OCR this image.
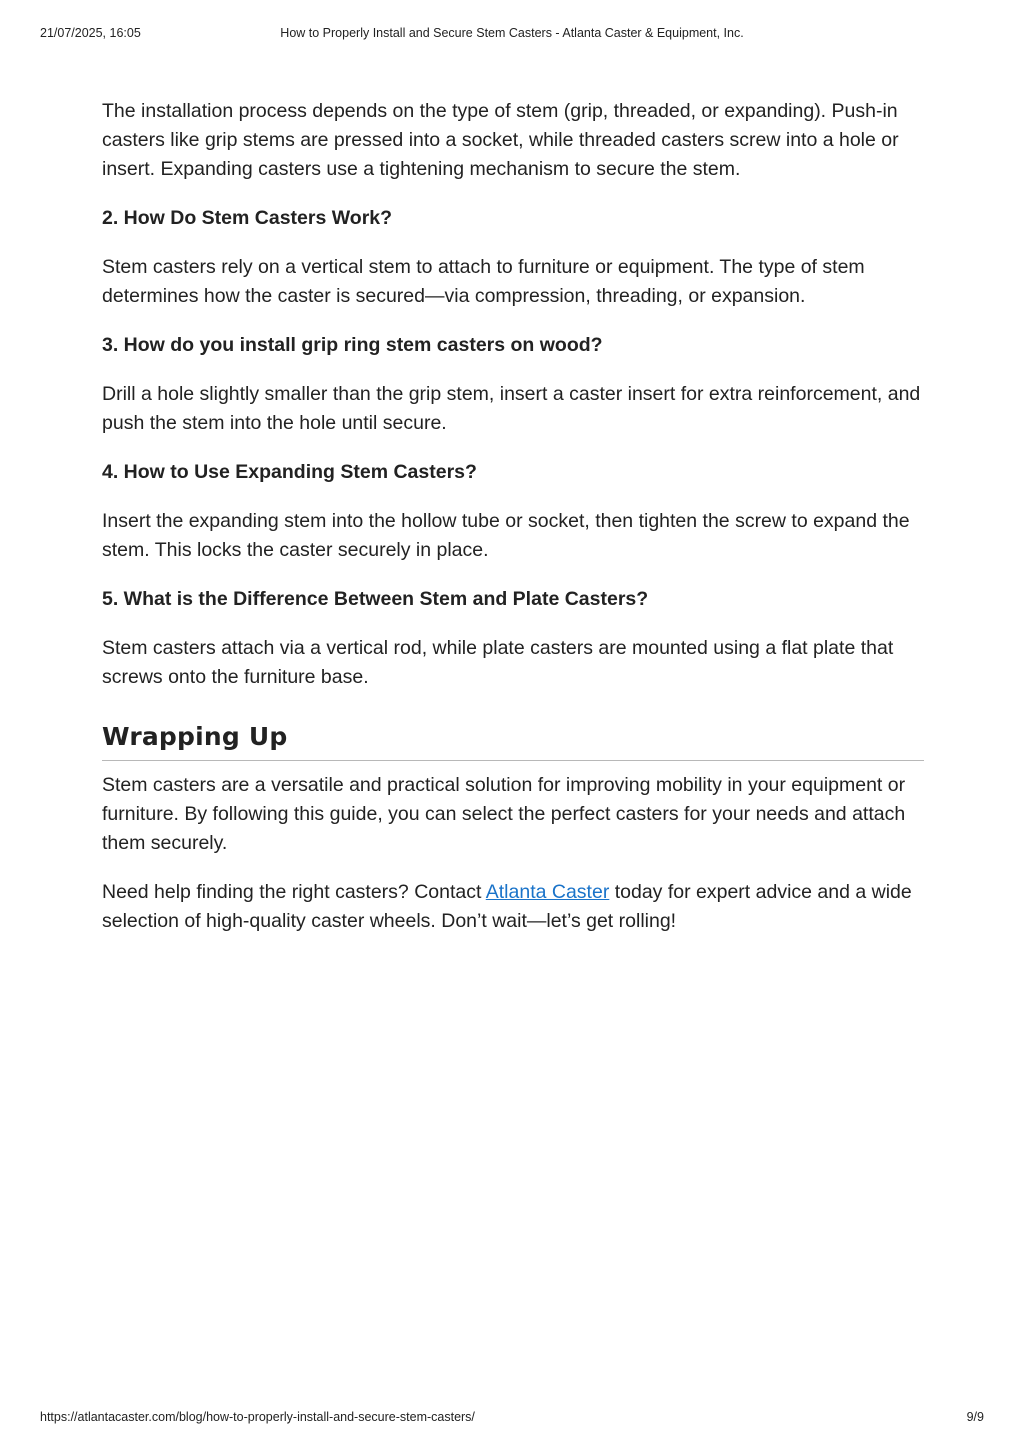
21/07/2025, 16:05	How to Properly Install and Secure Stem Casters - Atlanta Caster & Equipment, Inc.

The installation process depends on the type of stem (grip, threaded, or expanding). Push-in casters like grip stems are pressed into a socket, while threaded casters screw into a hole or insert. Expanding casters use a tightening mechanism to secure the stem.

2. How Do Stem Casters Work?

Stem casters rely on a vertical stem to attach to furniture or equipment. The type of stem determines how the caster is secured—via compression, threading, or expansion.

3. How do you install grip ring stem casters on wood?

Drill a hole slightly smaller than the grip stem, insert a caster insert for extra reinforcement, and push the stem into the hole until secure.

4. How to Use Expanding Stem Casters?

Insert the expanding stem into the hollow tube or socket, then tighten the screw to expand the stem. This locks the caster securely in place.

5. What is the Difference Between Stem and Plate Casters?

Stem casters attach via a vertical rod, while plate casters are mounted using a flat plate that screws onto the furniture base.

Wrapping Up

Stem casters are a versatile and practical solution for improving mobility in your equipment or furniture. By following this guide, you can select the perfect casters for your needs and attach them securely.

Need help finding the right casters? Contact Atlanta Caster today for expert advice and a wide selection of high-quality caster wheels. Don’t wait—let’s get rolling!

https://atlantacaster.com/blog/how-to-properly-install-and-secure-stem-casters/	9/9
